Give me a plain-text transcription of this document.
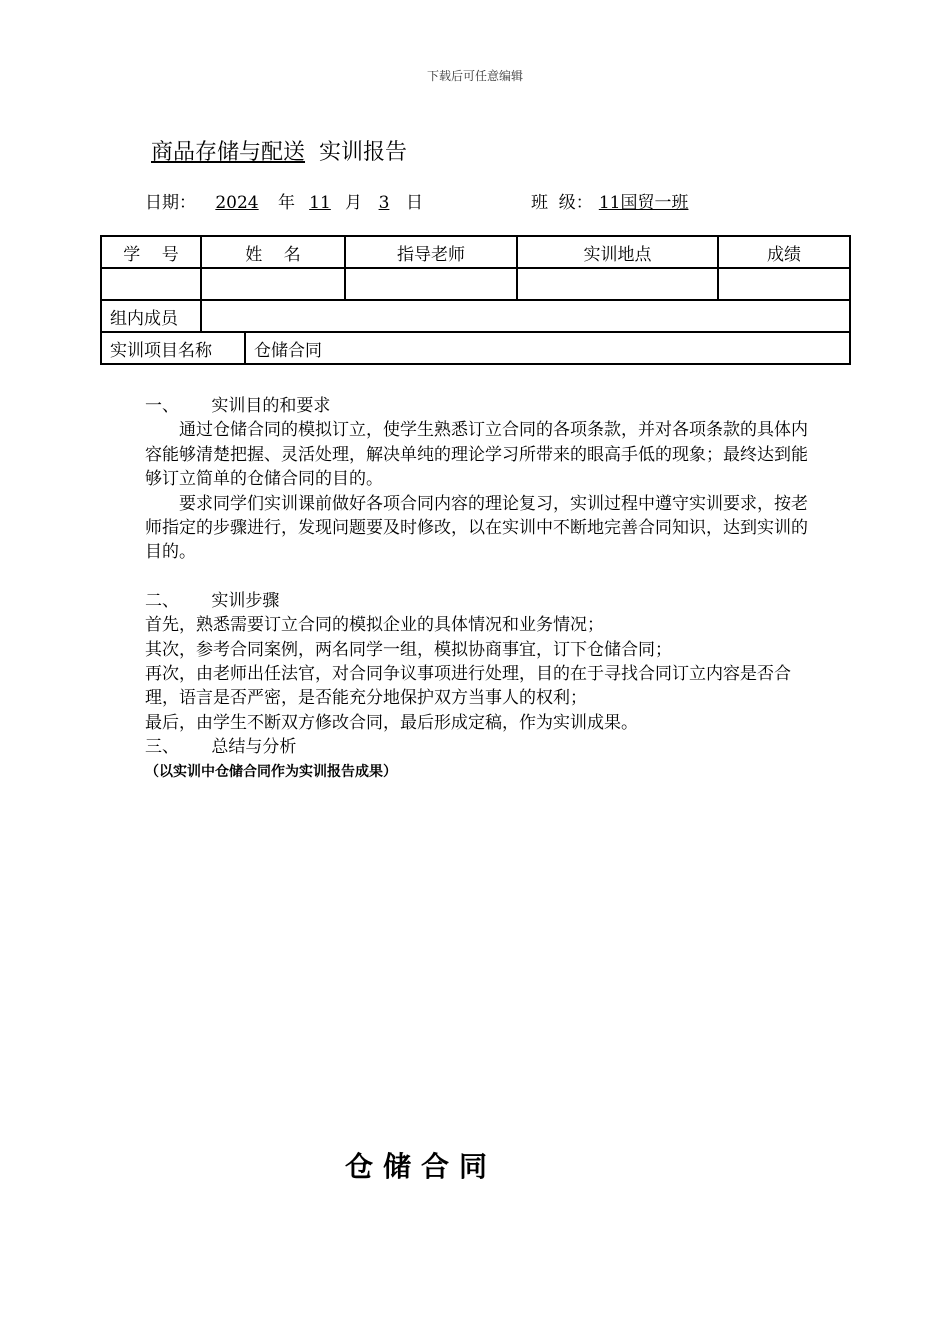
下载后可任意编辑
商品存储与配送 实训报告
日期： 2024 年 11 月 3 日	班  级： 11国贸一班
学    号	姓    名		指导老师	实训地点	成绩

组内成员					
实训项目名称		仓储合同			

一、      实训目的和要求

通过仓储合同的模拟订立，使学生熟悉订立合同的各项条款，并对各项条款的具体内容能够清楚把握、灵活处理，解决单纯的理论学习所带来的眼高手低的现象；最终达到能够订立简单的仓储合同的目的。

要求同学们实训课前做好各项合同内容的理论复习，实训过程中遵守实训要求，按老师指定的步骤进行，发现问题要及时修改，以在实训中不断地完善合同知识，达到实训的目的。

二、      实训步骤

首先，熟悉需要订立合同的模拟企业的具体情况和业务情况；

其次，参考合同案例，两名同学一组，模拟协商事宜，订下仓储合同；

再次，由老师出任法官，对合同争议事项进行处理，目的在于寻找合同订立内容是否合理，语言是否严密，是否能充分地保护双方当事人的权利；

最后，由学生不断双方修改合同，最后形成定稿，作为实训成果。

三、      总结与分析

（以实训中仓储合同作为实训报告成果）

仓储合同
